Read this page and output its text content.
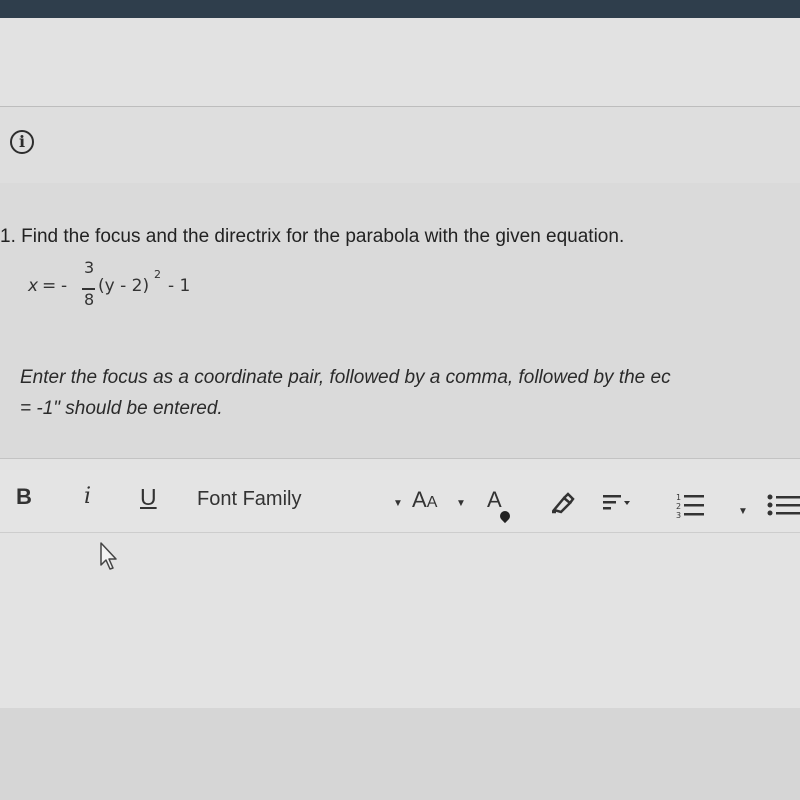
i
1. Find the focus and the directrix for the parabola with the given equation.
x = -
3
8
(y - 2)
2
- 1
Enter the focus as a coordinate pair, followed by a comma, followed by the ec
= -1" should be entered.
B i U Font Family	▼ AA ▼ A	1
2
3	▼
